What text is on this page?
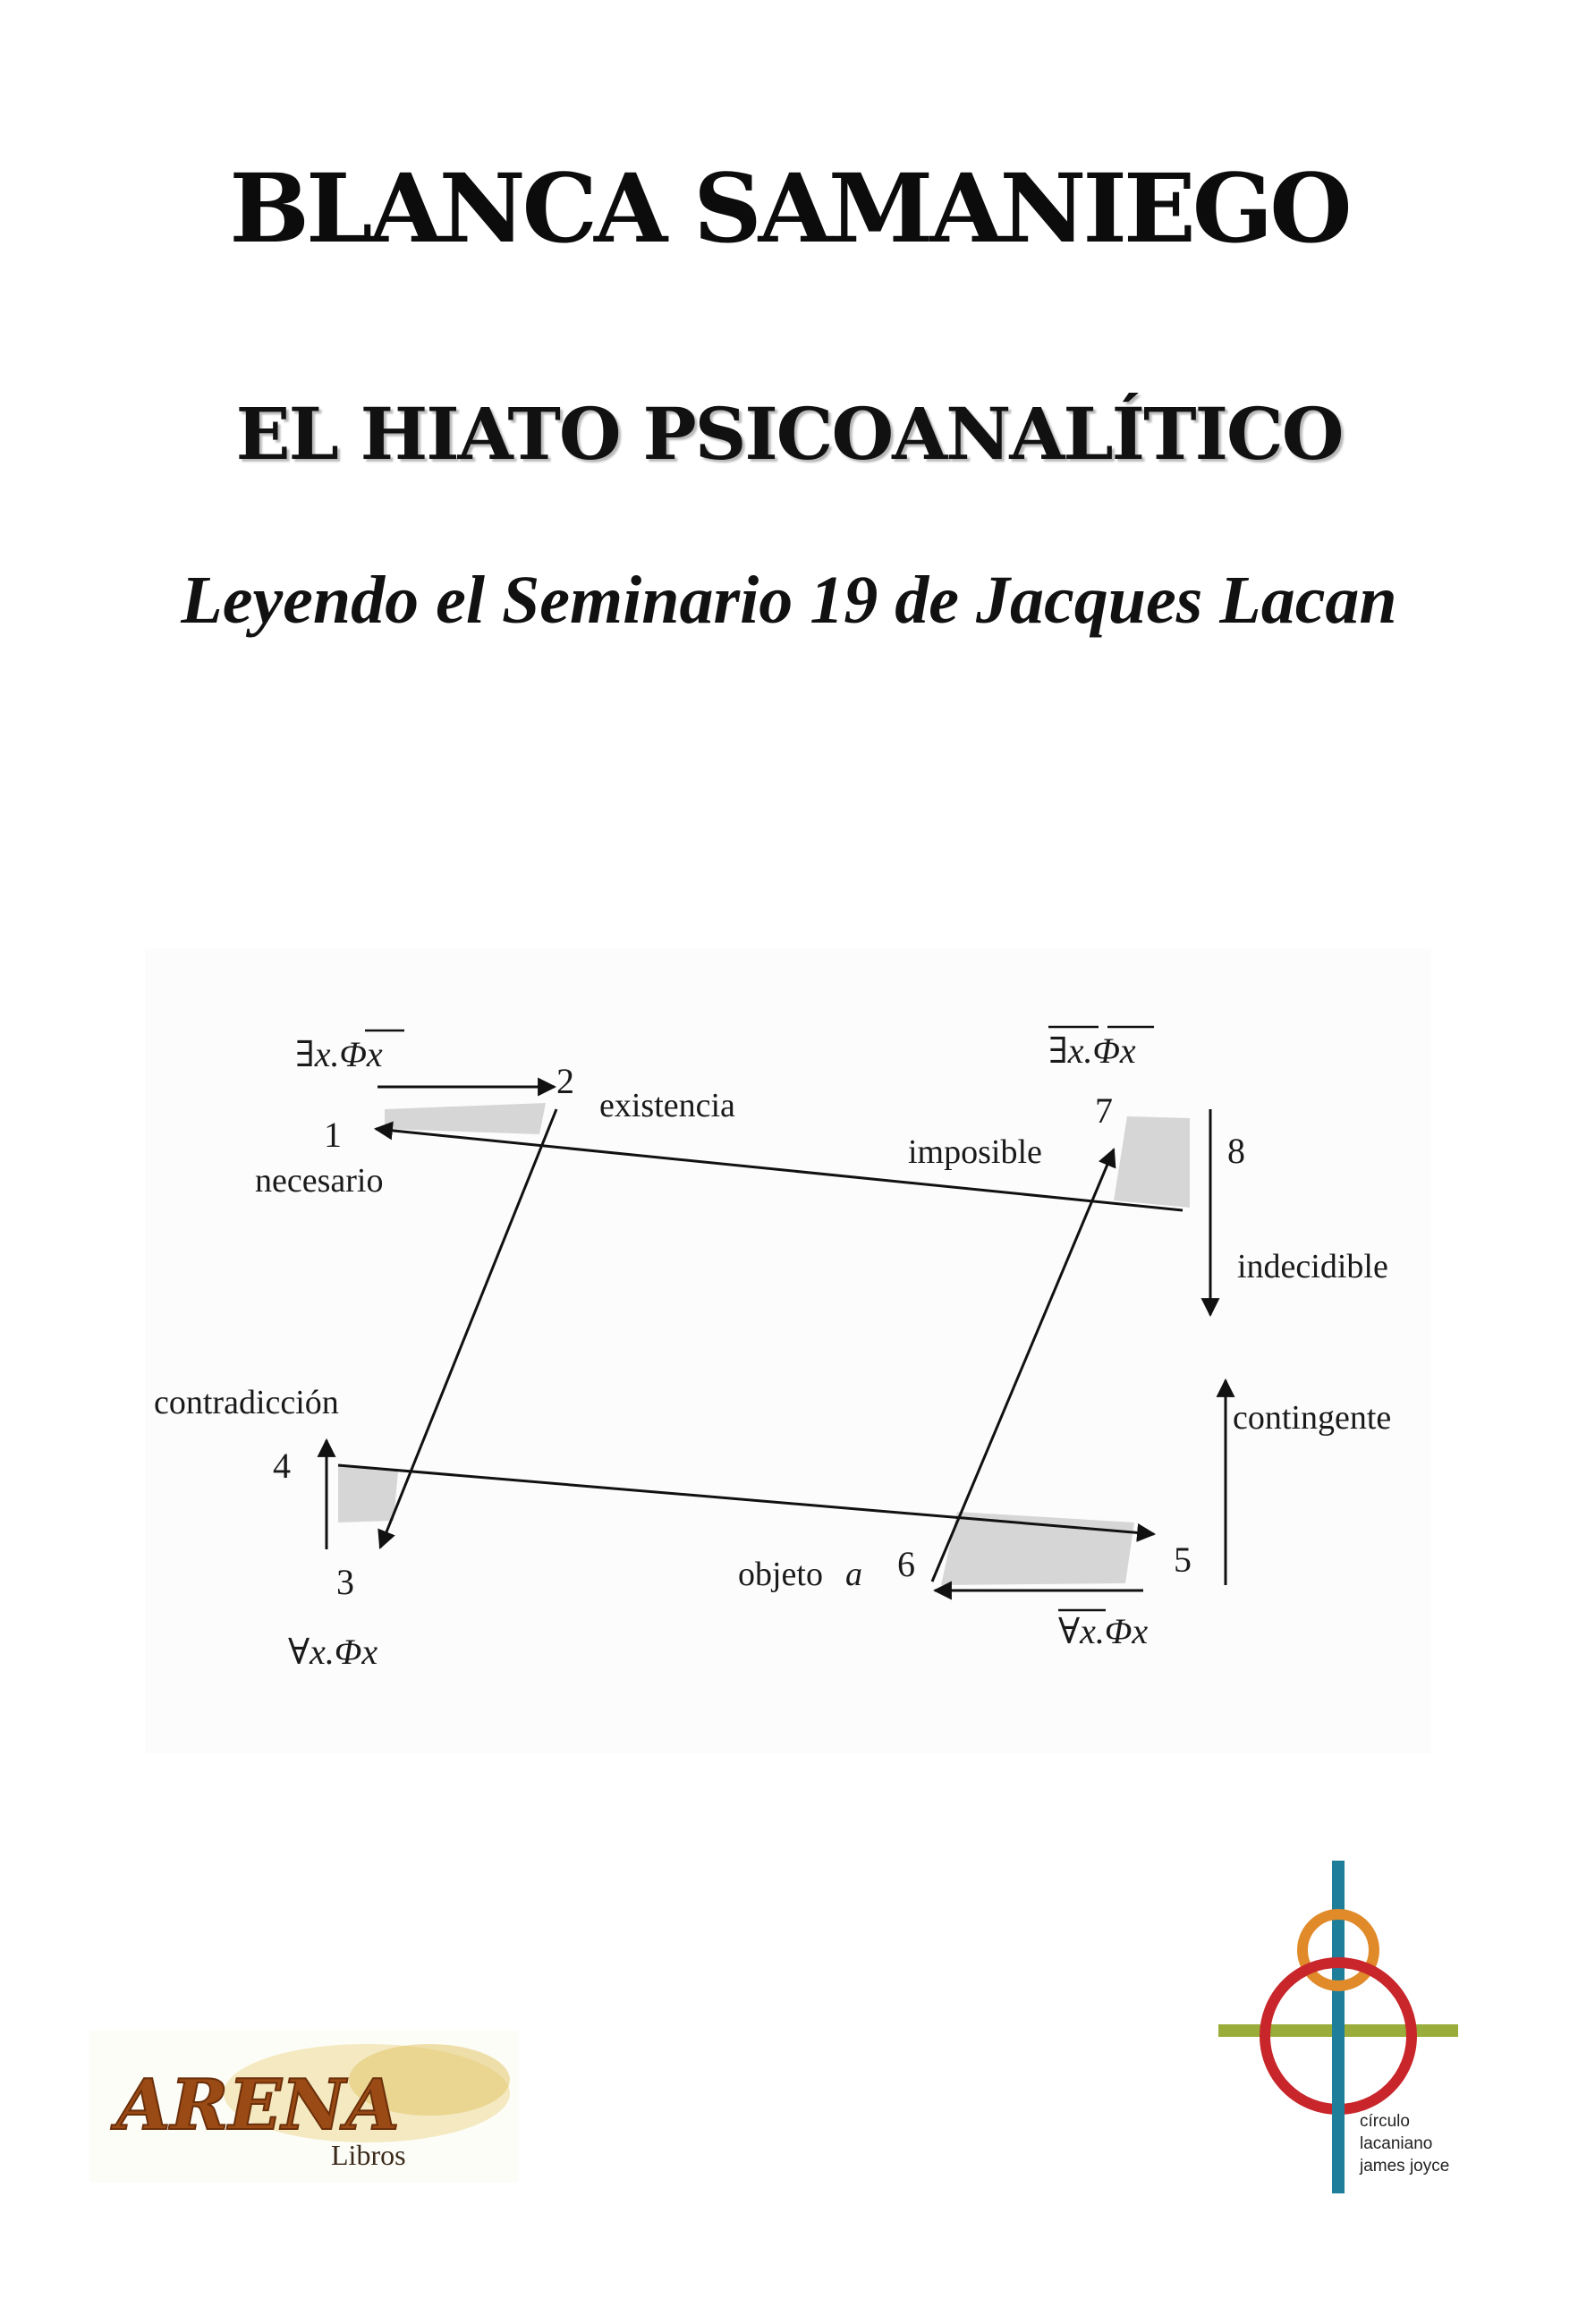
BLANCA SAMANIEGO
EL HIATO PSICOANALÍTICO
Leyendo el Seminario 19 de Jacques Lacan
∃x.Φx	∃x.Φx
∀x.Φx
∀x.Φx
1
2
3
4
5
6
7
8
necesario
existencia
imposible
indecidible
contradicción	contingente
objeto a
ARENA
Libros
círculo
lacaniano
james joyce
